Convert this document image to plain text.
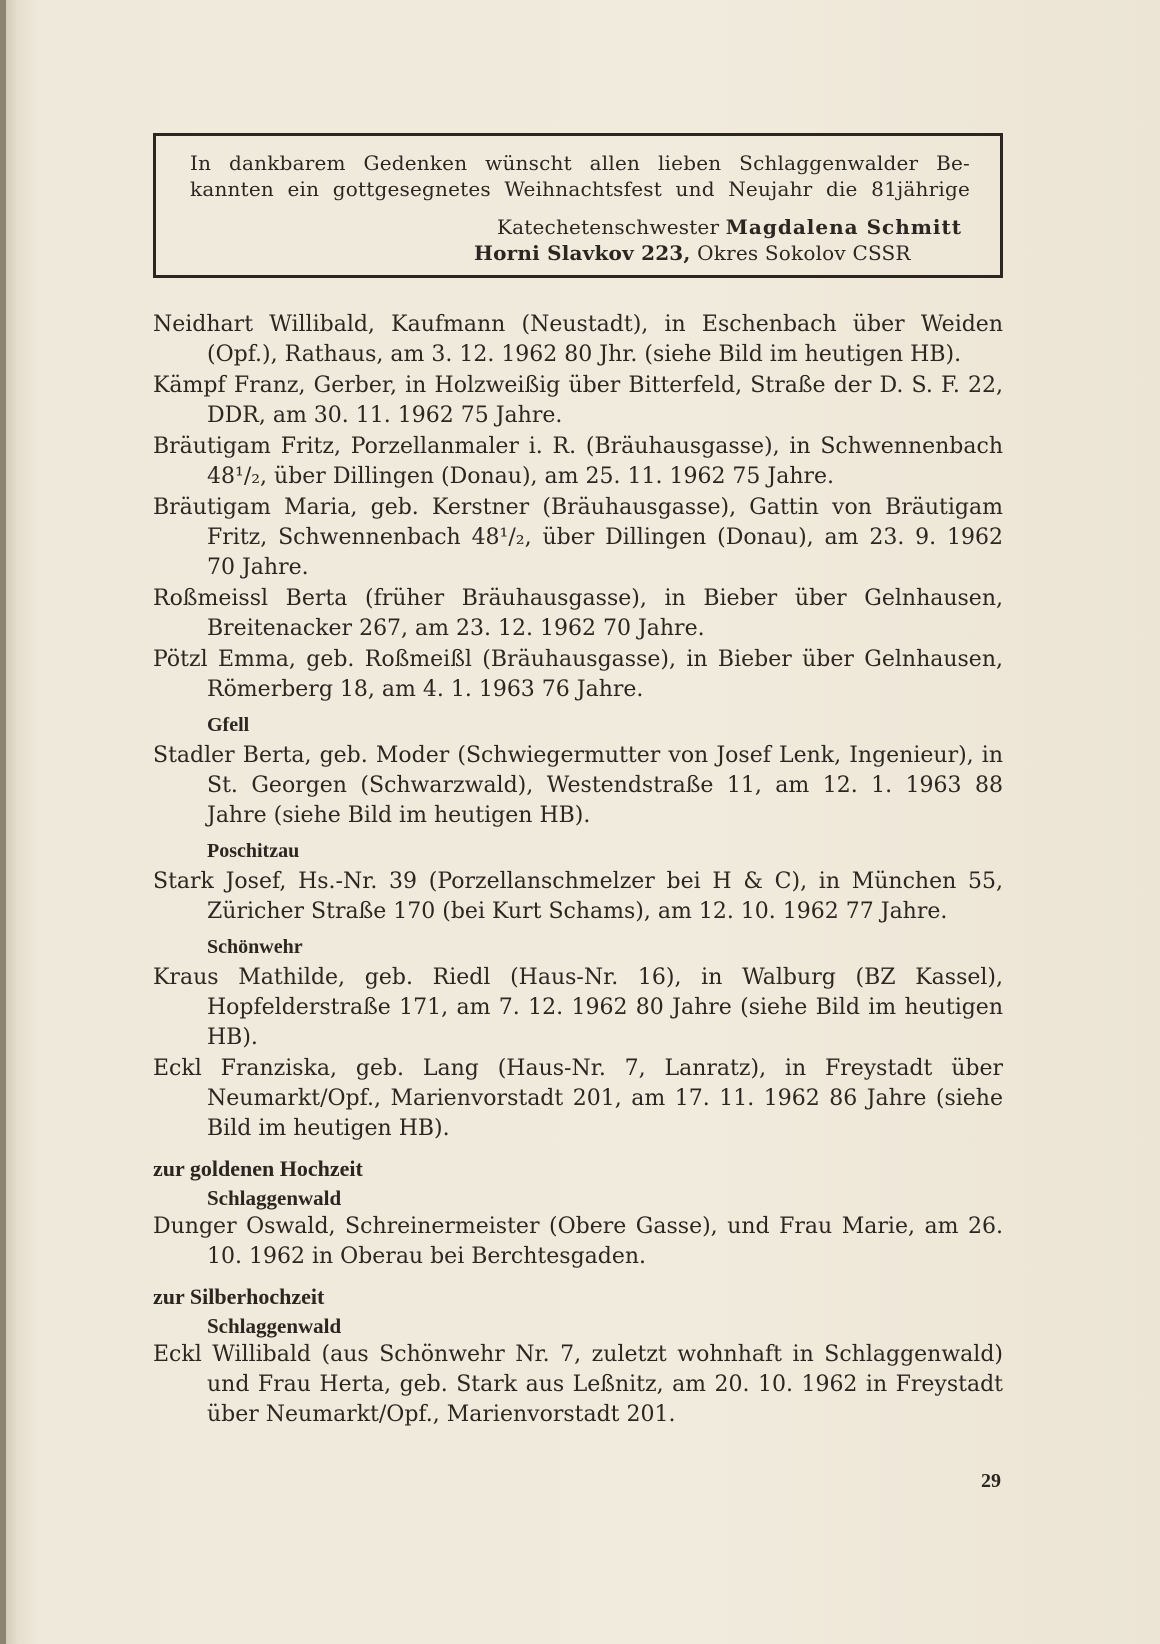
In dankbarem Gedenken wünscht allen lieben Schlaggenwalder Be-

kannten ein gottgesegnetes Weihnachtsfest und Neujahr die 81jährige

Katechetenschwester Magdalena Schmitt

Horni Slavkov 223, Okres Sokolov CSSR

Neidhart Willibald, Kaufmann (Neustadt), in Eschenbach über Weiden (Opf.), Rathaus, am 3. 12. 1962 80 Jhr. (siehe Bild im heutigen HB).

Kämpf Franz, Gerber, in Holzweißig über Bitterfeld, Straße der D. S. F. 22, DDR, am 30. 11. 1962 75 Jahre.

Bräutigam Fritz, Porzellanmaler i. R. (Bräuhausgasse), in Schwennenbach 48¹/₂, über Dillingen (Donau), am 25. 11. 1962 75 Jahre.

Bräutigam Maria, geb. Kerstner (Bräuhausgasse), Gattin von Bräutigam Fritz, Schwennenbach 48¹/₂, über Dillingen (Donau), am 23. 9. 1962 70 Jahre.

Roßmeissl Berta (früher Bräuhausgasse), in Bieber über Gelnhausen, Breitenacker 267, am 23. 12. 1962 70 Jahre.

Pötzl Emma, geb. Roßmeißl (Bräuhausgasse), in Bieber über Gelnhausen, Römerberg 18, am 4. 1. 1963 76 Jahre.

Gfell

Stadler Berta, geb. Moder (Schwiegermutter von Josef Lenk, Ingenieur), in St. Georgen (Schwarzwald), Westendstraße 11, am 12. 1. 1963 88 Jahre (siehe Bild im heutigen HB).

Poschitzau

Stark Josef, Hs.-Nr. 39 (Porzellanschmelzer bei H & C), in München 55, Züricher Straße 170 (bei Kurt Schams), am 12. 10. 1962 77 Jahre.

Schönwehr

Kraus Mathilde, geb. Riedl (Haus-Nr. 16), in Walburg (BZ Kassel), Hopfelderstraße 171, am 7. 12. 1962 80 Jahre (siehe Bild im heutigen HB).

Eckl Franziska, geb. Lang (Haus-Nr. 7, Lanratz), in Freystadt über Neumarkt/Opf., Marienvorstadt 201, am 17. 11. 1962 86 Jahre (siehe Bild im heutigen HB).

zur goldenen Hochzeit
Schlaggenwald

Dunger Oswald, Schreinermeister (Obere Gasse), und Frau Marie, am 26. 10. 1962 in Oberau bei Berchtesgaden.

zur Silberhochzeit
Schlaggenwald

Eckl Willibald (aus Schönwehr Nr. 7, zuletzt wohnhaft in Schlaggenwald) und Frau Herta, geb. Stark aus Leßnitz, am 20. 10. 1962 in Freystadt über Neumarkt/Opf., Marienvorstadt 201.

29
